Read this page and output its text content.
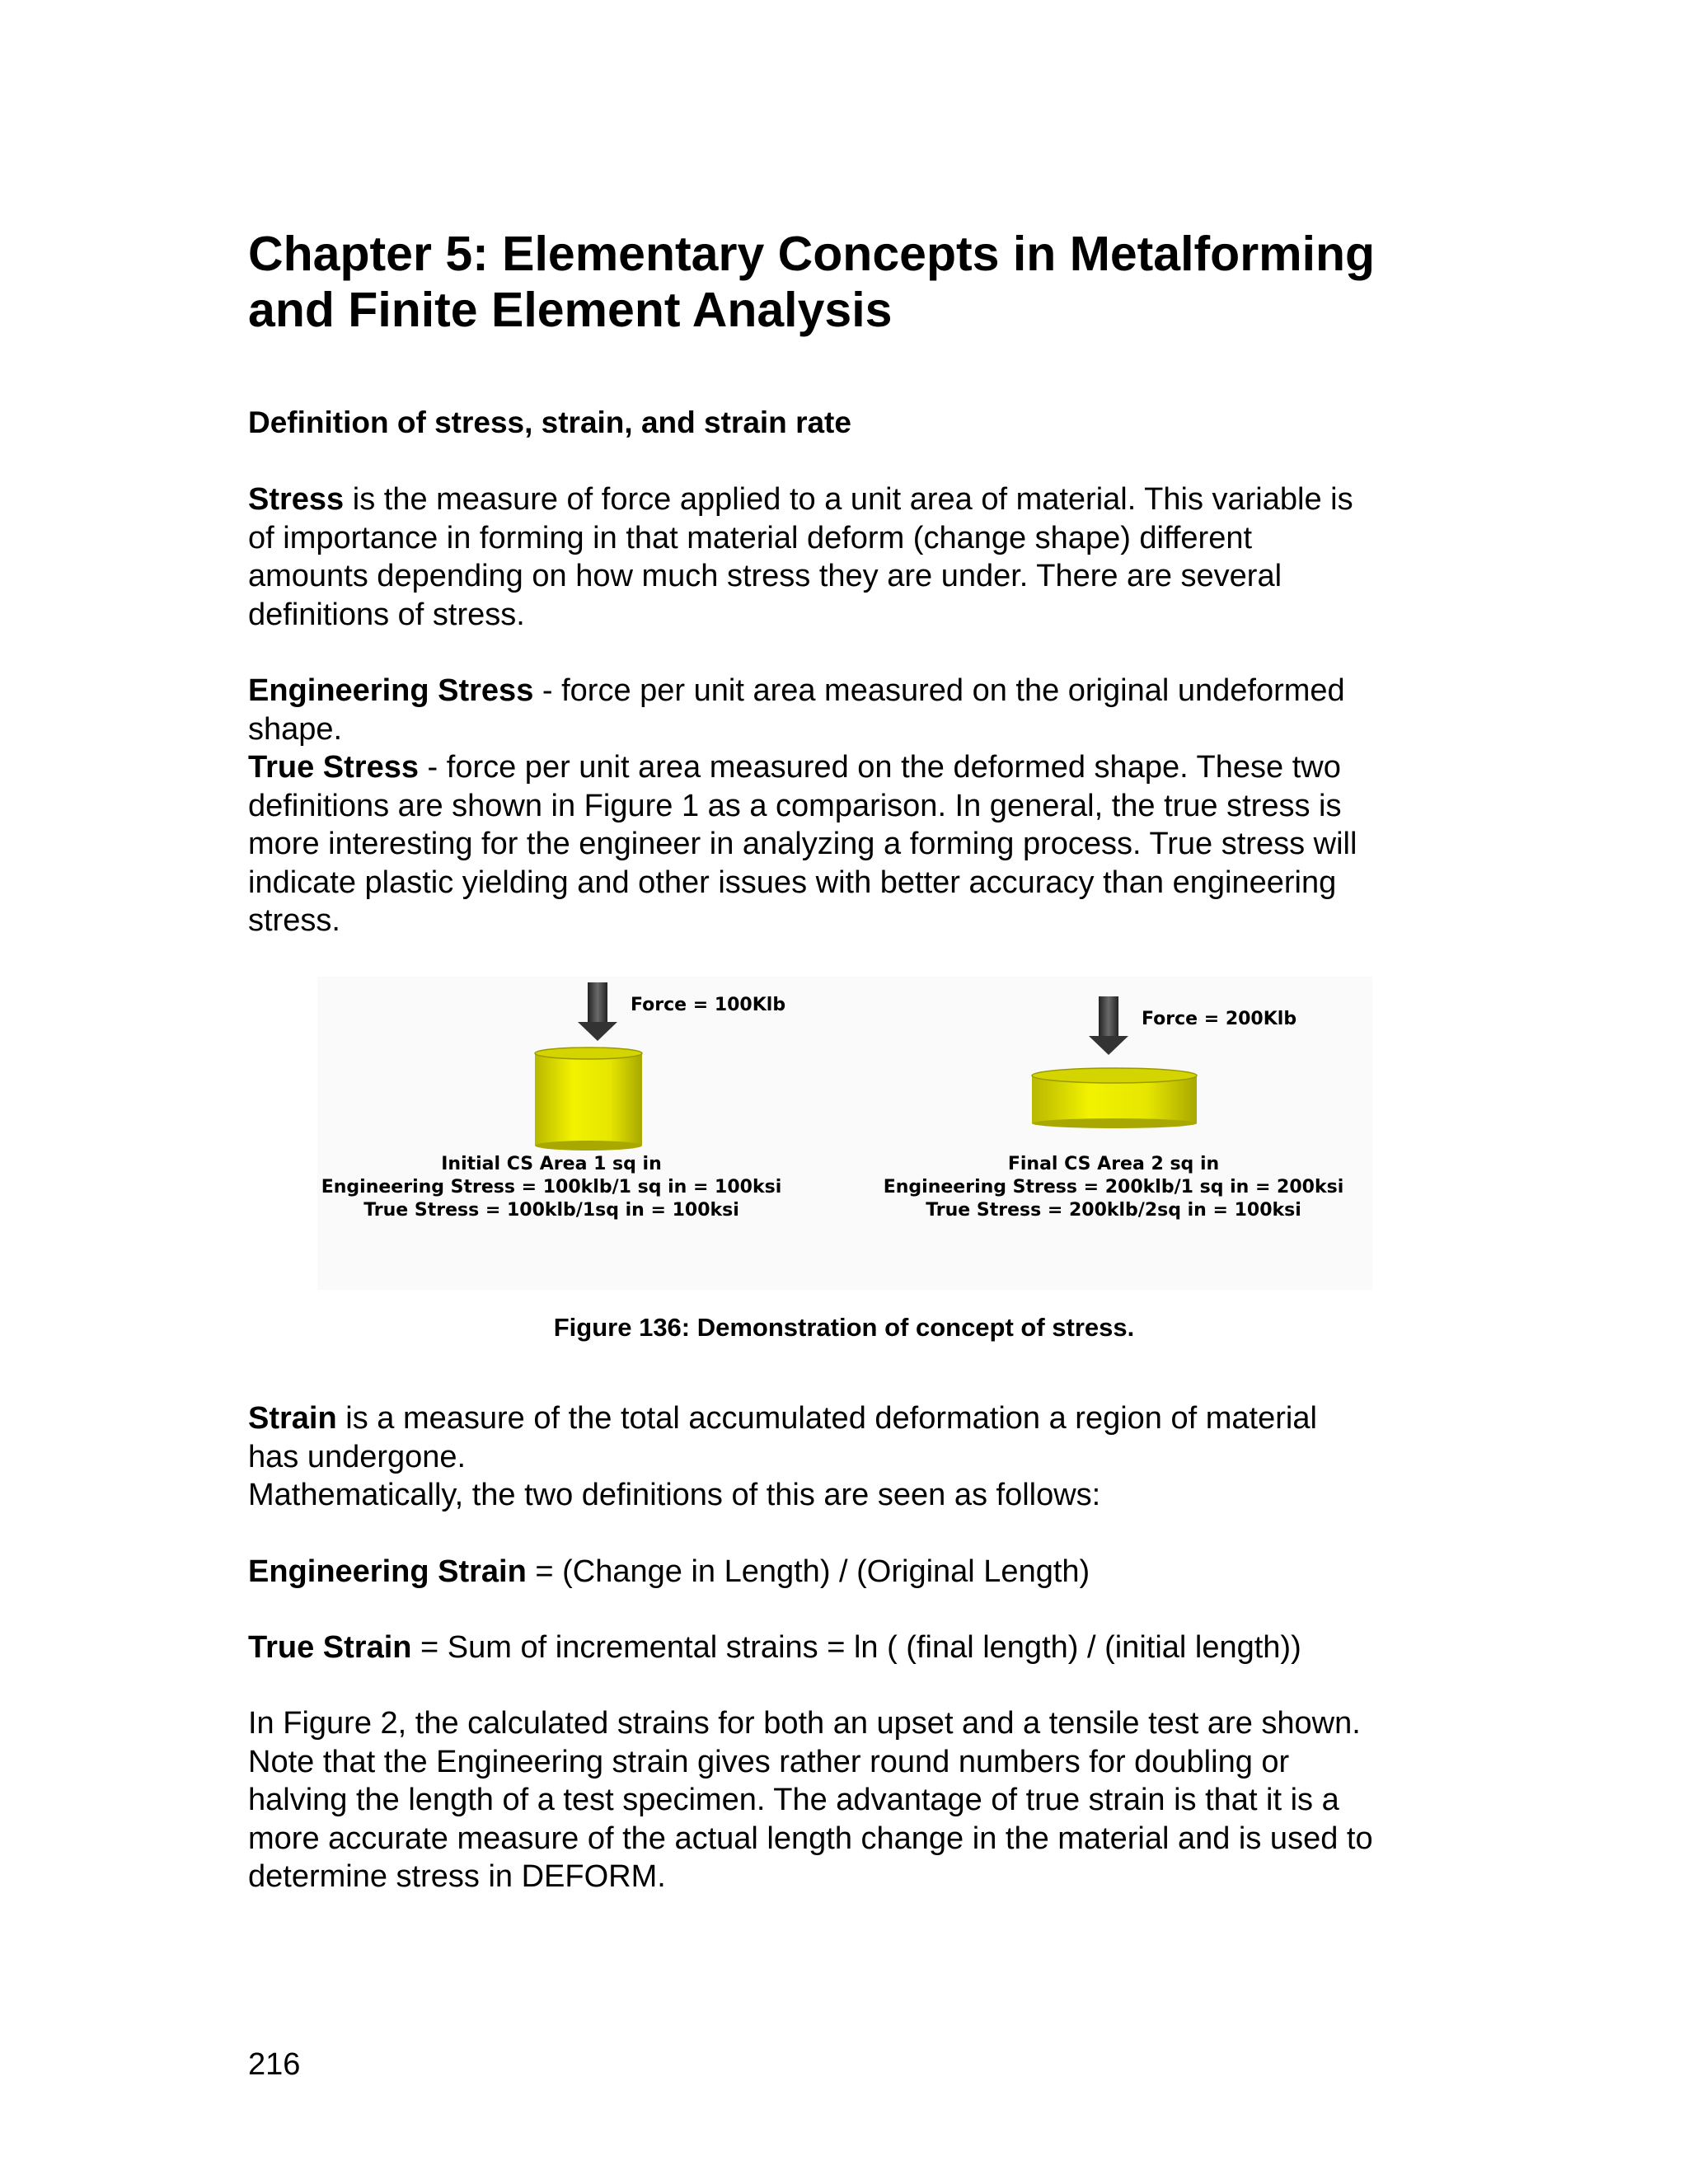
Chapter 5: Elementary Concepts in Metalforming
and Finite Element Analysis
Definition of stress, strain, and strain rate

Stress is the measure of force applied to a unit area of material. This variable is
of importance in forming in that material deform (change shape) different
amounts depending on how much stress they are under. There are several
definitions of stress.

Engineering Stress - force per unit area measured on the original undeformed
shape.
True Stress - force per unit area measured on the deformed shape. These two
definitions are shown in Figure 1 as a comparison. In general, the true stress is
more interesting for the engineer in analyzing a forming process. True stress will
indicate plastic yielding and other issues with better accuracy than engineering
stress.

Force = 100Klb
Initial CS Area 1 sq in
Engineering Stress = 100klb/1 sq in = 100ksi
True Stress = 100klb/1sq in = 100ksi
Force = 200Klb
Final CS Area 2 sq in
Engineering Stress = 200klb/1 sq in = 200ksi
True Stress = 200klb/2sq in = 100ksi

Figure 136: Demonstration of concept of stress.

Strain is a measure of the total accumulated deformation a region of material
has undergone.
Mathematically, the two definitions of this are seen as follows:

Engineering Strain = (Change in Length) / (Original Length)

True Strain = Sum of incremental strains = ln ( (final length) / (initial length))

In Figure 2, the calculated strains for both an upset and a tensile test are shown.
Note that the Engineering strain gives rather round numbers for doubling or
halving the length of a test specimen. The advantage of true strain is that it is a
more accurate measure of the actual length change in the material and is used to
determine stress in DEFORM.

216
